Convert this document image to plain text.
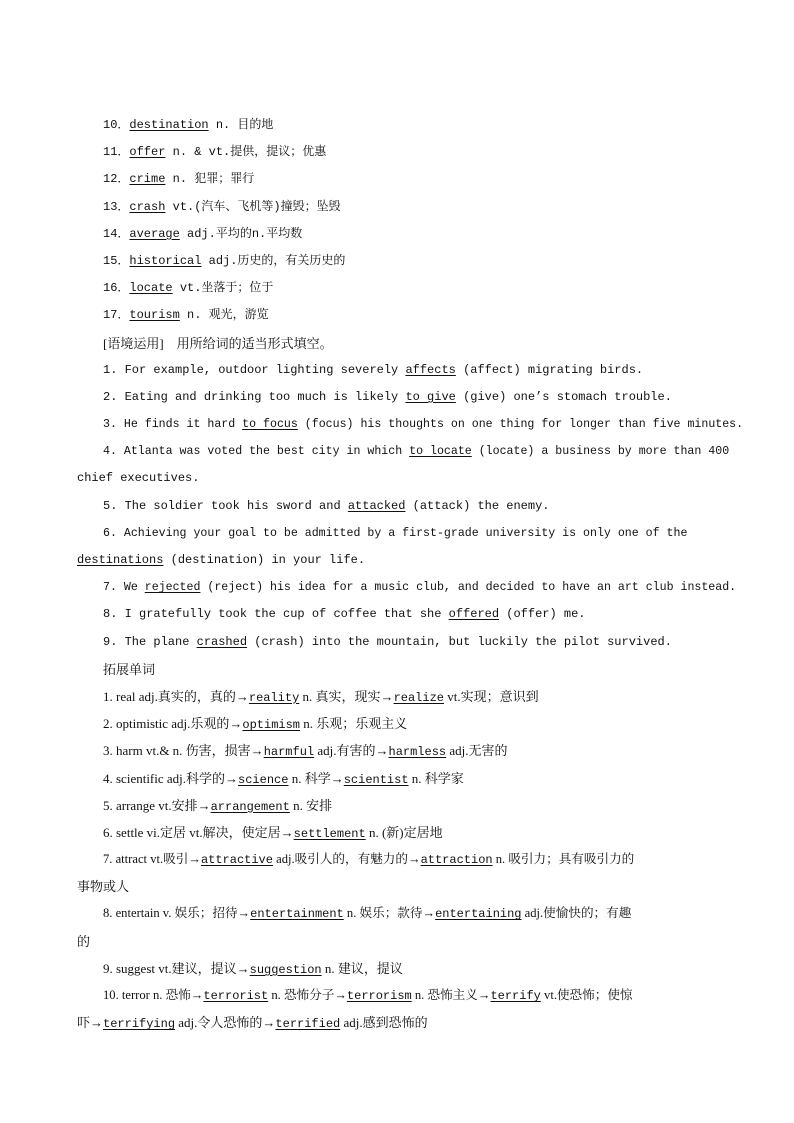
10．destination n. 目的地
11．offer n. & vt.提供，提议；优惠
12．crime n. 犯罪；罪行
13．crash vt.(汽车、飞机等)撞毁；坠毁
14．average adj.平均的n.平均数
15．historical adj.历史的，有关历史的
16．locate vt.坐落于；位于
17．tourism n. 观光，游览
[语境运用]　用所给词的适当形式填空。
1. For example, outdoor lighting severely affects (affect) migrating birds.
2. Eating and drinking too much is likely to give (give) one’s stomach trouble.
3. He finds it hard to focus (focus) his thoughts on one thing for longer than five minutes.
4. Atlanta was voted the best city in which to locate (locate) a business by more than 400
chief executives.
5. The soldier took his sword and attacked (attack) the enemy.
6. Achieving your goal to be admitted by a first-grade university is only one of the
destinations (destination) in your life.
7. We rejected (reject) his idea for a music club, and decided to have an art club instead.
8. I gratefully took the cup of coffee that she offered (offer) me.
9. The plane crashed (crash) into the mountain, but luckily the pilot survived.
拓展单词
1. real adj.真实的，真的→reality n. 真实，现实→realize vt.实现；意识到
2. optimistic adj.乐观的→optimism n. 乐观；乐观主义
3. harm vt.& n. 伤害，损害→harmful adj.有害的→harmless adj.无害的
4. scientific adj.科学的→science n. 科学→scientist n. 科学家
5. arrange vt.安排→arrangement n. 安排
6. settle vi.定居 vt.解决，使定居→settlement n. (新)定居地
7. attract vt.吸引→attractive adj.吸引人的，有魅力的→attraction n. 吸引力；具有吸引力的
事物或人
8. entertain v. 娱乐；招待→entertainment n. 娱乐；款待→entertaining adj.使愉快的；有趣
的
9. suggest vt.建议，提议→suggestion n. 建议，提议
10. terror n. 恐怖→terrorist n. 恐怖分子→terrorism n. 恐怖主义→terrify vt.使恐怖；使惊
吓→terrifying adj.令人恐怖的→terrified adj.感到恐怖的
